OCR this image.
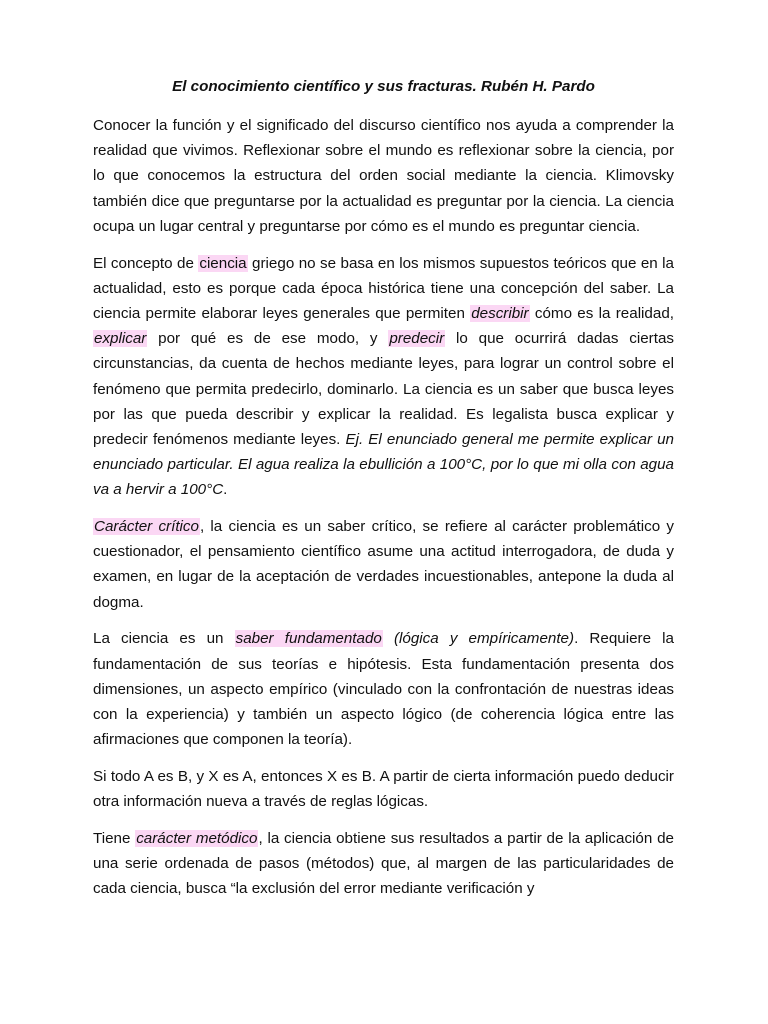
El conocimiento científico y sus fracturas. Rubén H. Pardo

Conocer la función y el significado del discurso científico nos ayuda a comprender la realidad que vivimos. Reflexionar sobre el mundo es reflexionar sobre la ciencia, por lo que conocemos la estructura del orden social mediante la ciencia. Klimovsky también dice que preguntarse por la actualidad es preguntar por la ciencia. La ciencia ocupa un lugar central y preguntarse por cómo es el mundo es preguntar ciencia.

El concepto de ciencia griego no se basa en los mismos supuestos teóricos que en la actualidad, esto es porque cada época histórica tiene una concepción del saber. La ciencia permite elaborar leyes generales que permiten describir cómo es la realidad, explicar por qué es de ese modo, y predecir lo que ocurrirá dadas ciertas circunstancias, da cuenta de hechos mediante leyes, para lograr un control sobre el fenómeno que permita predecirlo, dominarlo. La ciencia es un saber que busca leyes por las que pueda describir y explicar la realidad. Es legalista busca explicar y predecir fenómenos mediante leyes. Ej. El enunciado general me permite explicar un enunciado particular. El agua realiza la ebullición a 100°C, por lo que mi olla con agua va a hervir a 100°C.

Carácter crítico, la ciencia es un saber crítico, se refiere al carácter problemático y cuestionador, el pensamiento científico asume una actitud interrogadora, de duda y examen, en lugar de la aceptación de verdades incuestionables, antepone la duda al dogma.

La ciencia es un saber fundamentado (lógica y empíricamente). Requiere la fundamentación de sus teorías e hipótesis. Esta fundamentación presenta dos dimensiones, un aspecto empírico (vinculado con la confrontación de nuestras ideas con la experiencia) y también un aspecto lógico (de coherencia lógica entre las afirmaciones que componen la teoría).

Si todo A es B, y X es A, entonces X es B. A partir de cierta información puedo deducir otra información nueva a través de reglas lógicas.

Tiene carácter metódico, la ciencia obtiene sus resultados a partir de la aplicación de una serie ordenada de pasos (métodos) que, al margen de las particularidades de cada ciencia, busca “la exclusión del error mediante verificación y
